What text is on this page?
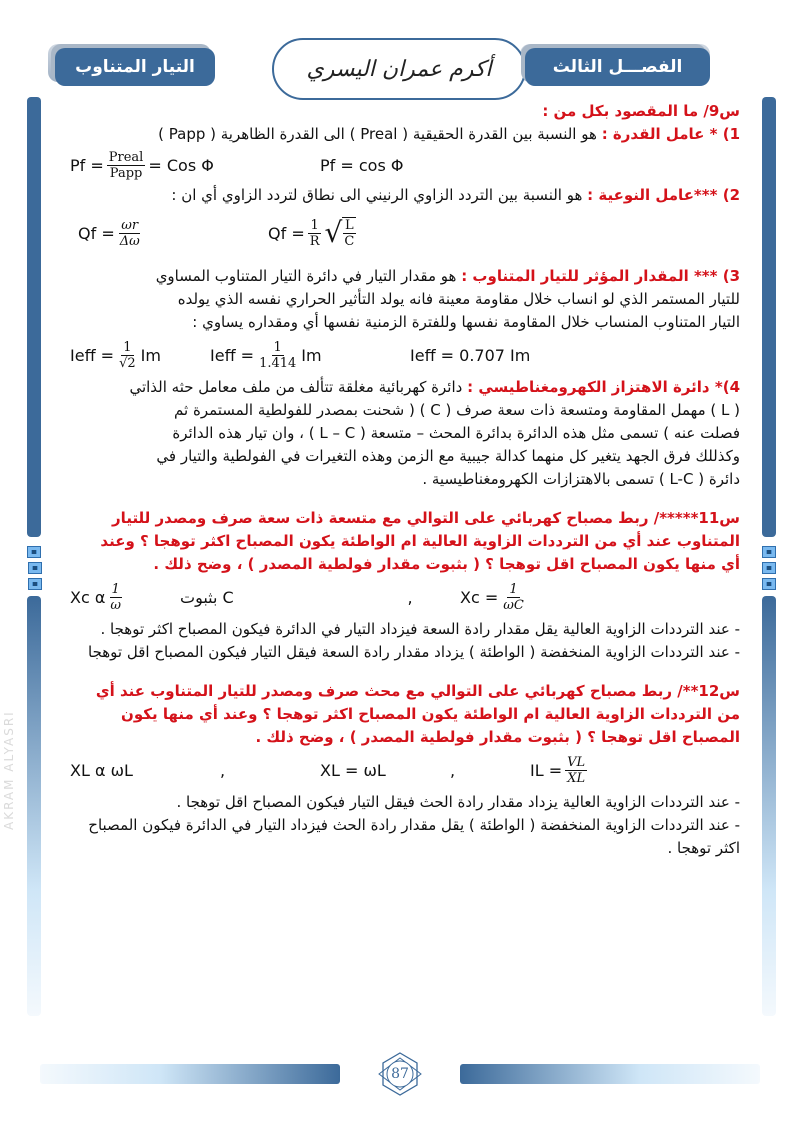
التيار المتناوب	أكرم عمران اليسري	الفصـــل الثالث
س9/ ما المقصود بكل من :
1) * عامل القدرة : هو النسبة بين القدرة الحقيقية ( Preal ) الى القدرة الظاهرية ( Papp )
$Pf = \frac{\text{Preal}}{\text{Papp}}$ = Cos Φ	Pf = cos Φ
2) ***عامل النوعية : هو النسبة بين التردد الزاوي الرنيني الى نطاق لتردد الزاوي أي ان :
$Qf = \frac{\omega r}{\Delta\omega}$	$Qf = \frac{1}{R}$ √ $\frac{L}{C}$
3) *** المقدار المؤثر للتيار المتناوب : هو مقدار التيار في دائرة التيار المتناوب المساوي
للتيار المستمر الذي لو انساب خلال مقاومة معينة فانه يولد التأثير الحراري نفسه الذي يولده
التيار المتناوب المنساب خلال المقاومة نفسها وللفترة الزمنية نفسها أي ومقداره يساوي :
Ieff = $\frac{1}{√2}$ Im	Ieff = $\frac{1}{1.414}$ Im	Ieff = 0.707 Im
4)* دائرة الاهتزاز الكهرومغناطيسي : دائرة كهربائية مغلقة تتألف من ملف معامل حثه الذاتي
( L ) مهمل المقاومة ومتسعة ذات سعة صرف ( C ) ( شحنت بمصدر للفولطية المستمرة ثم
فصلت عنه ) تسمى مثل هذه الدائرة بدائرة المحث – متسعة ( L – C ) ، وان تيار هذه الدائرة
وكذللك فرق الجهد يتغير كل منهما كدالة جيبية مع الزمن وهذه التغيرات في الفولطية والتيار في
دائرة ( L-C ) تسمى بالاهتزازات الكهرومغناطيسية .
س11*****/ ربط مصباح كهربائي على التوالي مع متسعة ذات سعة صرف ومصدر للتيار
المتناوب عند أي من الترددات الزاوية العالية ام الواطئة يكون المصباح اكثر توهجا ؟ وعند
أي منها يكون المصباح اقل توهجا ؟ ( بثبوت مقدار فولطية المصدر ) ، وضح ذلك .
Xc α $\frac{1}{\omega}$	C بثبوت	,	$Xc = \frac{1}{\omega C}$
- عند الترددات الزاوية العالية يقل مقدار رادة السعة فيزداد التيار في الدائرة فيكون المصباح اكثر توهجا .
- عند الترددات الزاوية المنخفضة ( الواطئة ) يزداد مقدار رادة السعة فيقل التيار فيكون المصباح اقل توهجا
س12**/ ربط مصباح كهربائي على التوالي مع محث صرف ومصدر للتيار المتناوب عند أي
من الترددات الزاوية العالية ام الواطئة يكون المصباح اكثر توهجا ؟ وعند أي منها يكون
المصباح اقل توهجا ؟ ( بثبوت مقدار فولطية المصدر ) ، وضح ذلك .
XL α ωL	,	XL = ωL	,	IL = $\frac{VL}{XL}$
- عند الترددات الزاوية العالية يزداد مقدار رادة الحث فيقل التيار فيكون المصباح اقل توهجا .
- عند الترددات الزاوية المنخفضة ( الواطئة ) يقل مقدار رادة الحث فيزداد التيار في الدائرة فيكون المصباح اكثر توهجا .
AKRAM ALYASRI
87
